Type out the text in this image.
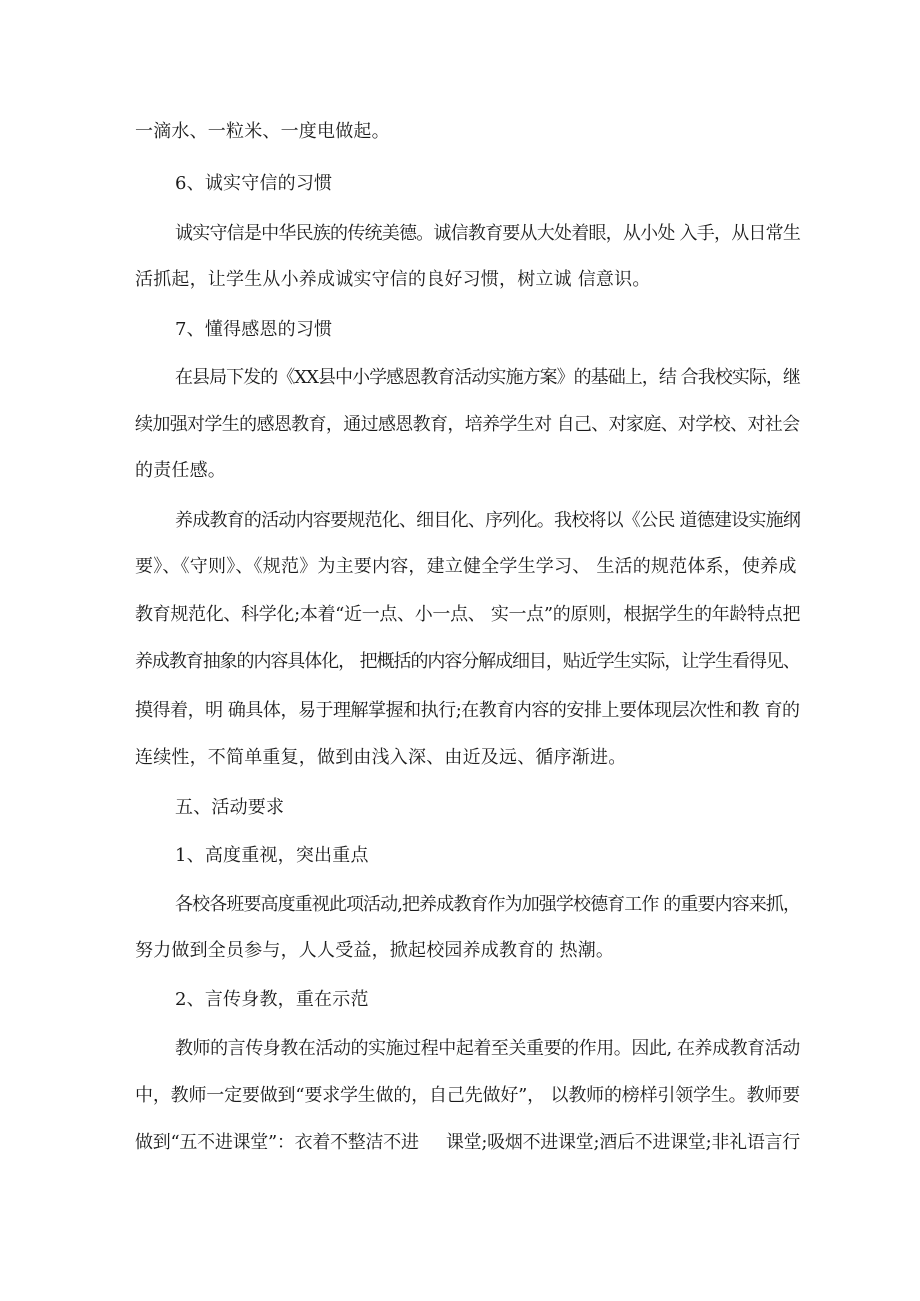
一滴水、一粒米、一度电做起。
6、诚实守信的习惯
诚实守信是中华民族的传统美德。诚信教育要从大处着眼，从小处 入手，从日常生
活抓起，让学生从小养成诚实守信的良好习惯，树立诚 信意识。
7、懂得感恩的习惯
在县局下发的《XX县中小学感恩教育活动实施方案》的基础上，结 合我校实际，继
续加强对学生的感恩教育，通过感恩教育，培养学生对 自己、对家庭、对学校、对社会
的责任感。
养成教育的活动内容要规范化、细目化、序列化。我校将以《公民 道德建设实施纲
要》、《守则》、《规范》为主要内容，建立健全学生学习、 生活的规范体系，使养成
教育规范化、科学化;本着“近一点、小一点、 实一点”的原则，根据学生的年龄特点把
养成教育抽象的内容具体化， 把概括的内容分解成细目，贴近学生实际，让学生看得见、
摸得着，明 确具体，易于理解掌握和执行;在教育内容的安排上要体现层次性和教 育的
连续性，不简单重复，做到由浅入深、由近及远、循序渐进。
五、活动要求
1、高度重视，突出重点
各校各班要高度重视此项活动,把养成教育作为加强学校德育工作 的重要内容来抓，
努力做到全员参与，人人受益，掀起校园养成教育的 热潮。
2、言传身教，重在示范
教师的言传身教在活动的实施过程中起着至关重要的作用。因此, 在养成教育活动
中，教师一定要做到“要求学生做的，自己先做好”， 以教师的榜样引领学生。教师要
做到“五不进课堂”：衣着不整洁不进     课堂;吸烟不进课堂;酒后不进课堂;非礼语言行
